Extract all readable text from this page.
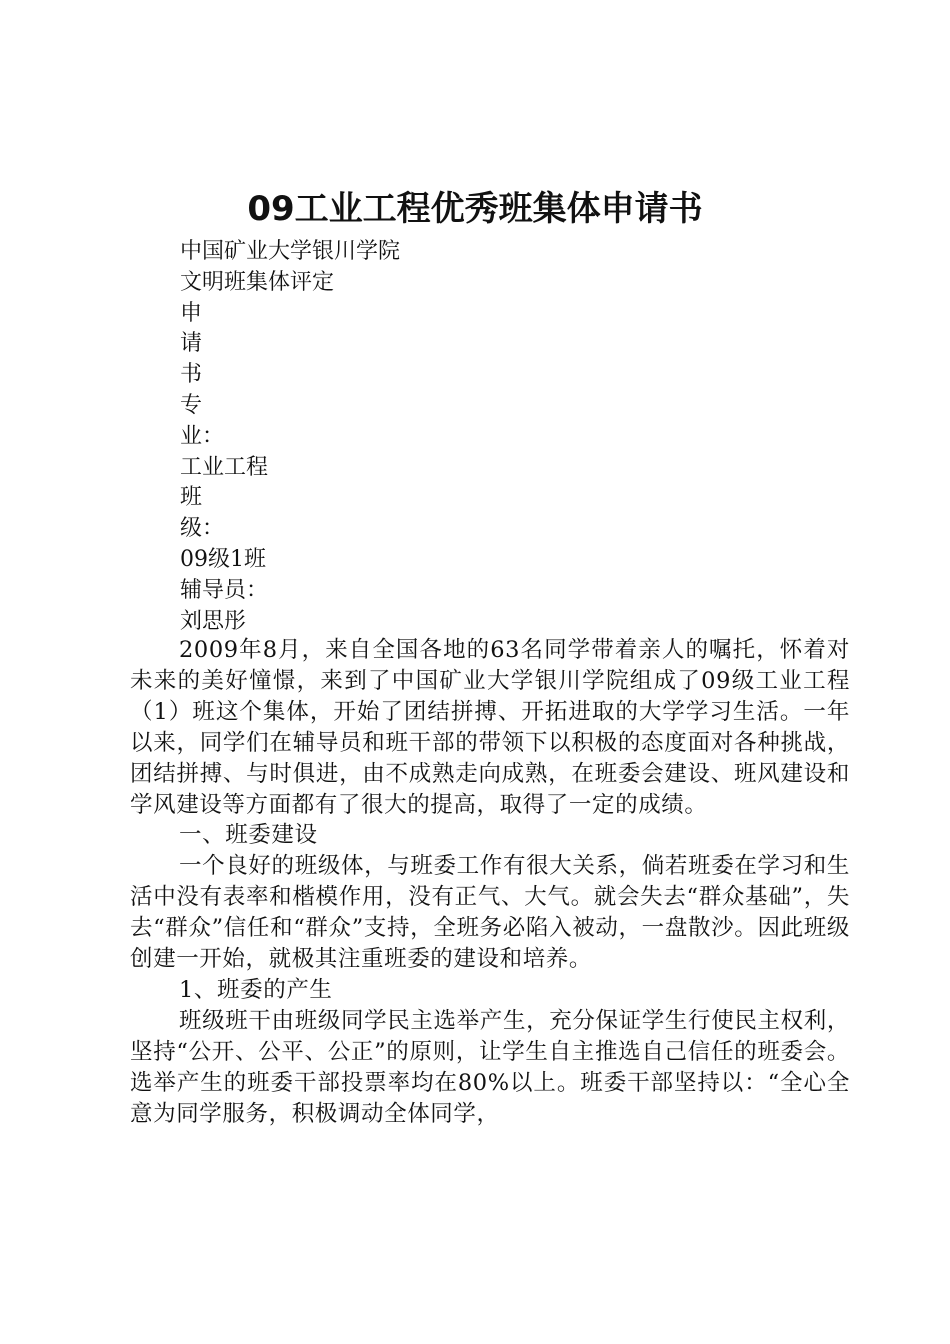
09工业工程优秀班集体申请书

中国矿业大学银川学院

文明班集体评定

申

请

书

专

业：

工业工程

班

级：

09级1班

辅导员：

刘思彤

2009年8月，来自全国各地的63名同学带着亲人的嘱托，怀着对未来的美好憧憬，来到了中国矿业大学银川学院组成了09级工业工程（1）班这个集体，开始了团结拼搏、开拓进取的大学学习生活。一年以来，同学们在辅导员和班干部的带领下以积极的态度面对各种挑战，团结拼搏、与时俱进，由不成熟走向成熟，在班委会建设、班风建设和学风建设等方面都有了很大的提高，取得了一定的成绩。

一、班委建设

一个良好的班级体，与班委工作有很大关系，倘若班委在学习和生活中没有表率和楷模作用，没有正气、大气。就会失去“群众基础”，失去“群众”信任和“群众”支持，全班务必陷入被动，一盘散沙。因此班级创建一开始，就极其注重班委的建设和培养。

1、班委的产生

班级班干由班级同学民主选举产生，充分保证学生行使民主权利，坚持“公开、公平、公正”的原则，让学生自主推选自己信任的班委会。选举产生的班委干部投票率均在80%以上。班委干部坚持以：“全心全意为同学服务，积极调动全体同学，
